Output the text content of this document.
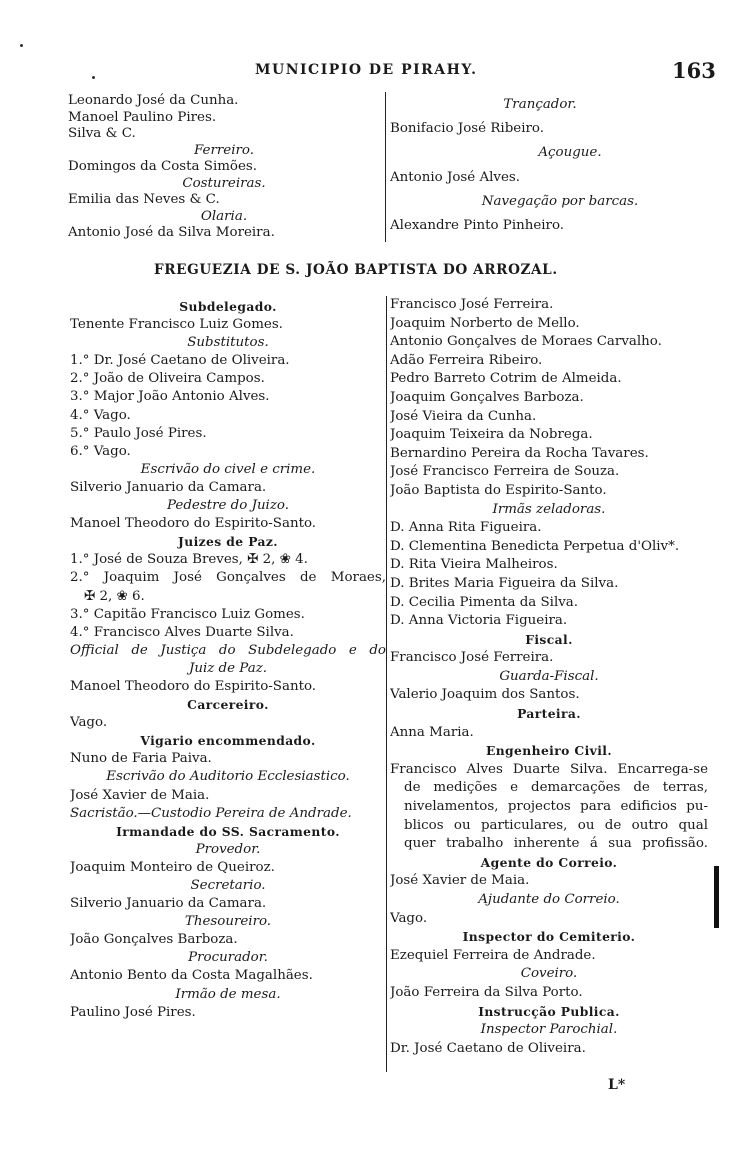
MUNICIPIO DE PIRAHY.	163
Leonardo José da Cunha.
Manoel Paulino Pires.
Silva & C.
Ferreiro.
Domingos da Costa Simões.
Costureiras.
Emilia das Neves & C.
Olaria.
Antonio José da Silva Moreira.
Trançador.
Bonifacio José Ribeiro.
Açougue.
Antonio José Alves.
Navegação por barcas.
Alexandre Pinto Pinheiro.
FREGUEZIA DE S. JOÃO BAPTISTA DO ARROZAL.
Subdelegado.
Tenente Francisco Luiz Gomes.
Substitutos.
1.° Dr. José Caetano de Oliveira.
2.° João de Oliveira Campos.
3.° Major João Antonio Alves.
4.° Vago.
5.° Paulo José Pires.
6.° Vago.
Escrivão do civel e crime.
Silverio Januario da Camara.
Pedestre do Juizo.
Manoel Theodoro do Espirito-Santo.
Juizes de Paz.
1.° José de Souza Breves, ✠ 2, ❀ 4.
2.° Joaquim José Gonçalves de Moraes,
✠ 2, ❀ 6.
3.° Capitão Francisco Luiz Gomes.
4.° Francisco Alves Duarte Silva.
Official de Justiça do Subdelegado e do
Juiz de Paz.
Manoel Theodoro do Espirito-Santo.
Carcereiro.
Vago.
Vigario encommendado.
Nuno de Faria Paiva.
Escrivão do Auditorio Ecclesiastico.
José Xavier de Maia.
Sacristão.—Custodio Pereira de Andrade.
Irmandade do SS. Sacramento.
Provedor.
Joaquim Monteiro de Queiroz.
Secretario.
Silverio Januario da Camara.
Thesoureiro.
João Gonçalves Barboza.
Procurador.
Antonio Bento da Costa Magalhães.
Irmão de mesa.
Paulino José Pires.
Francisco José Ferreira.
Joaquim Norberto de Mello.
Antonio Gonçalves de Moraes Carvalho.
Adão Ferreira Ribeiro.
Pedro Barreto Cotrim de Almeida.
Joaquim Gonçalves Barboza.
José Vieira da Cunha.
Joaquim Teixeira da Nobrega.
Bernardino Pereira da Rocha Tavares.
José Francisco Ferreira de Souza.
João Baptista do Espirito-Santo.
Irmãs zeladoras.
D. Anna Rita Figueira.
D. Clementina Benedicta Perpetua d'Oliv*.
D. Rita Vieira Malheiros.
D. Brites Maria Figueira da Silva.
D. Cecilia Pimenta da Silva.
D. Anna Victoria Figueira.
Fiscal.
Francisco José Ferreira.
Guarda-Fiscal.
Valerio Joaquim dos Santos.
Parteira.
Anna Maria.
Engenheiro Civil.
Francisco Alves Duarte Silva. Encarrega-se
de medições e demarcações de terras,
nivelamentos, projectos para edificios pu-
blicos ou particulares, ou de outro qual
quer trabalho inherente á sua profissão.
Agente do Correio.
José Xavier de Maia.
Ajudante do Correio.
Vago.
Inspector do Cemiterio.
Ezequiel Ferreira de Andrade.
Coveiro.
João Ferreira da Silva Porto.
Instrucção Publica.
Inspector Parochial.
Dr. José Caetano de Oliveira.
L*
